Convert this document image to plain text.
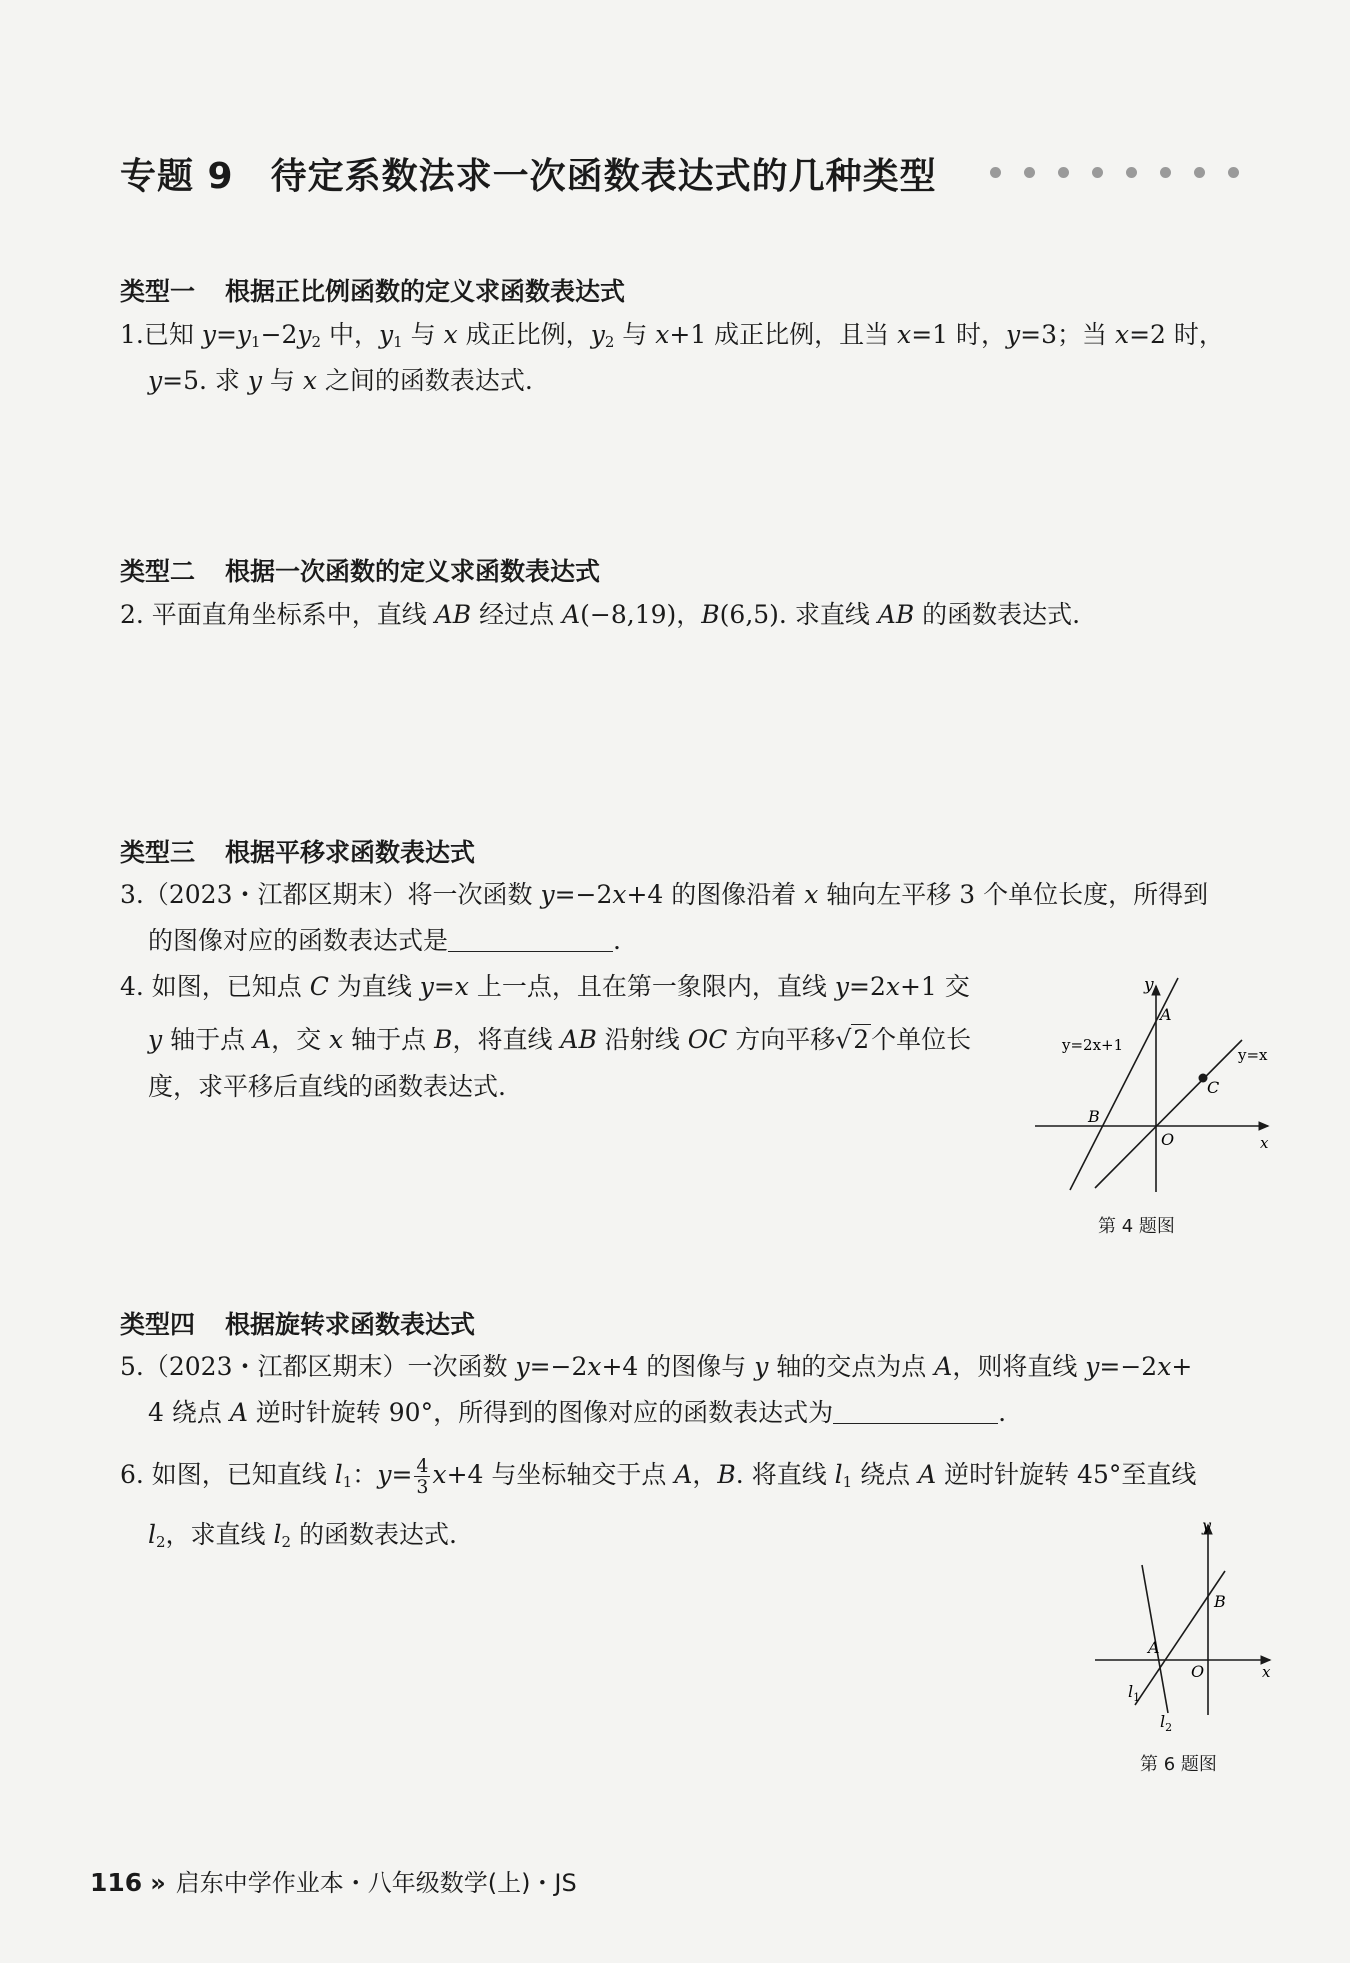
专题 9　待定系数法求一次函数表达式的几种类型
类型一 根据正比例函数的定义求函数表达式
1.已知 $y=y_1-2y_2$ 中，$y_1$ 与 x 成正比例，$y_2$ 与 x+1 成正比例，且当 x=1 时，y=3；当 x=2 时，
y=5. 求 y 与 x 之间的函数表达式.
类型二 根据一次函数的定义求函数表达式
2. 平面直角坐标系中，直线 AB 经过点 A(−8,19)，B(6,5). 求直线 AB 的函数表达式.
类型三 根据平移求函数表达式
3.（2023・江都区期末）将一次函数 y=−2x+4 的图像沿着 x 轴向左平移 3 个单位长度，所得到
的图像对应的函数表达式是	.
4. 如图，已知点 C 为直线 y=x 上一点，且在第一象限内，直线 y=2x+1 交
y 轴于点 A，交 x 轴于点 B，将直线 AB 沿射线 OC 方向平移√2个单位长
度，求平移后直线的函数表达式.
y
x
A
B
C
O
y=2x+1
y=x
第 4 题图
类型四 根据旋转求函数表达式
5.（2023・江都区期末）一次函数 y=−2x+4 的图像与 y 轴的交点为点 A，则将直线 y=−2x+
4 绕点 A 逆时针旋转 90°，所得到的图像对应的函数表达式为	.
6. 如图，已知直线 $l_1$：$y= \frac{4}{3} x+4$ 与坐标轴交于点 A，B. 将直线 $l_1$ 绕点 A 逆时针旋转 45°至直线
$l_2$，求直线 $l_2$ 的函数表达式.	y
x
B
A
O
$l_1$
$l_2$
第 6 题图
116 » 启东中学作业本・八年级数学(上)・JS
